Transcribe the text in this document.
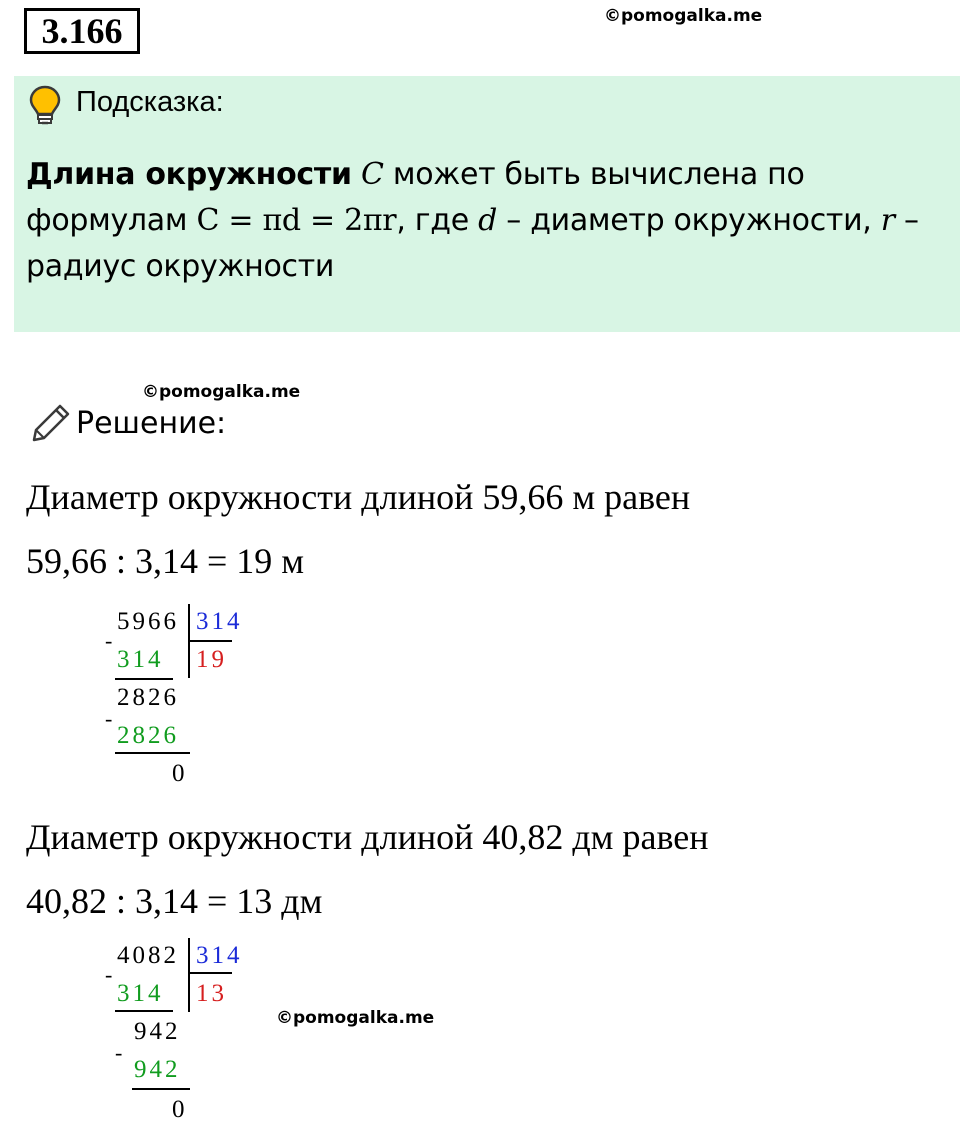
3.166	©pomogalka.me
Подсказка:
Длина окружности C может быть вычислена по формулам C = πd = 2πr, где d – диаметр окружности, r – радиус окружности
©pomogalka.me
Решение:
Диаметр окружности длиной 59,66 м равен
59,66 : 3,14 = 19 м
5966 314
-
314 19
2826
-
2826
0
Диаметр окружности длиной 40,82 дм равен
40,82 : 3,14 = 13 дм
4082 314
-
314 13
942
-
942
0
©pomogalka.me
